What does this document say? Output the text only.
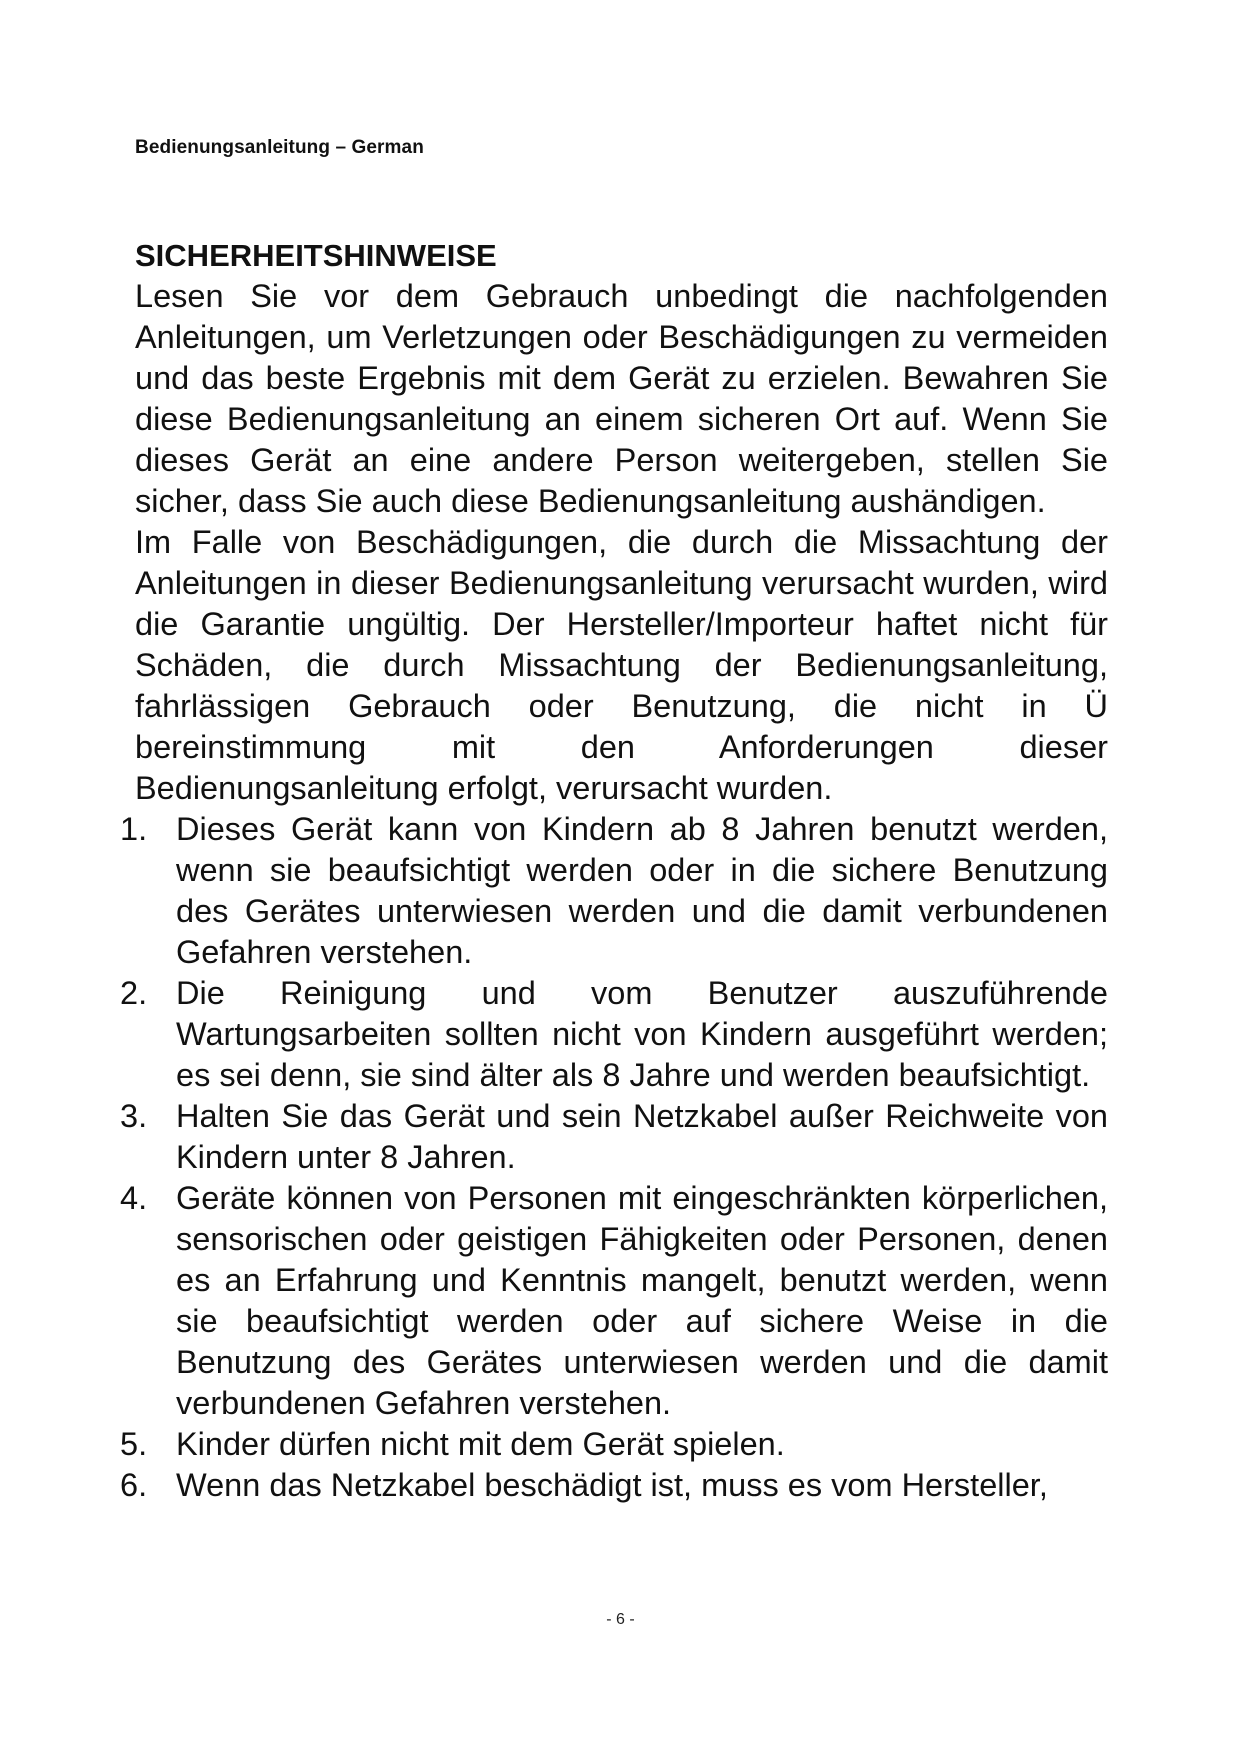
Bedienungsanleitung – German
SICHERHEITSHINWEISE

Lesen Sie vor dem Gebrauch unbedingt die nachfolgenden Anleitungen, um Verletzungen oder Beschädigungen zu vermeiden und das beste Ergebnis mit dem Gerät zu erzielen. Bewahren Sie diese Bedienungsanleitung an einem sicheren Ort auf. Wenn Sie dieses Gerät an eine andere Person weitergeben, stellen Sie sicher, dass Sie auch diese Bedienungsanleitung aushändigen.

Im Falle von Beschädigungen, die durch die Missachtung der Anleitungen in dieser Bedienungsanleitung verursacht wurden, wird die Garantie ungültig. Der Hersteller/Importeur haftet nicht für Schäden, die durch Missachtung der Bedienungsanleitung, fahrlässigen Gebrauch oder Benutzung, die nicht in Ü bereinstimmung mit den Anforderungen dieser Bedienungsanleitung erfolgt, verursacht wurden.

1. Dieses Gerät kann von Kindern ab 8 Jahren benutzt werden, wenn sie beaufsichtigt werden oder in die sichere Benutzung des Gerätes unterwiesen werden und die damit verbundenen Gefahren verstehen.
2. Die Reinigung und vom Benutzer auszuführende Wartungsarbeiten sollten nicht von Kindern ausgeführt werden; es sei denn, sie sind älter als 8 Jahre und werden beaufsichtigt.
3. Halten Sie das Gerät und sein Netzkabel außer Reichweite von Kindern unter 8 Jahren.
4. Geräte können von Personen mit eingeschränkten körperlichen, sensorischen oder geistigen Fähigkeiten oder Personen, denen es an Erfahrung und Kenntnis mangelt, benutzt werden, wenn sie beaufsichtigt werden oder auf sichere Weise in die Benutzung des Gerätes unterwiesen werden und die damit verbundenen Gefahren verstehen.
5. Kinder dürfen nicht mit dem Gerät spielen.
6. Wenn das Netzkabel beschädigt ist, muss es vom Hersteller,
- 6 -
